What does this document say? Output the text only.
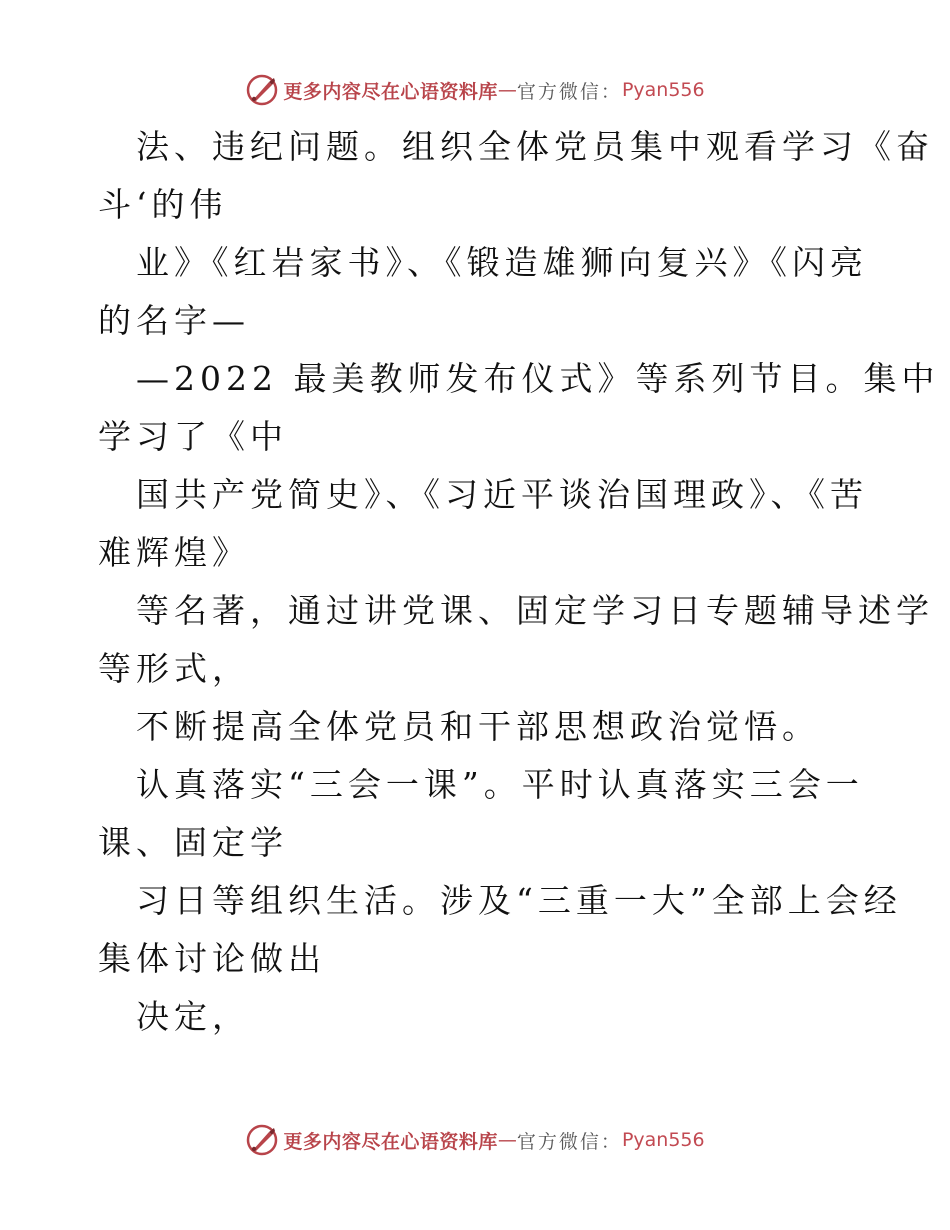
更多内容尽在心语资料库 — 官方微信： Pyan556

法、违纪问题。组织全体党员集中观看学习《奋
斗‘的伟

业》《红岩家书》、《锻造雄狮向复兴》《闪亮
的名字—

—2022 最美教师发布仪式》等系列节目。集中
学习了《中

国共产党简史》、《习近平谈治国理政》、《苦
难辉煌》

等名著，通过讲党课、固定学习日专题辅导述学
等形式，

不断提高全体党员和干部思想政治觉悟。

认真落实“三会一课”。平时认真落实三会一
课、固定学

习日等组织生活。涉及“三重一大”全部上会经
集体讨论做出

决定，

更多内容尽在心语资料库 — 官方微信： Pyan556
